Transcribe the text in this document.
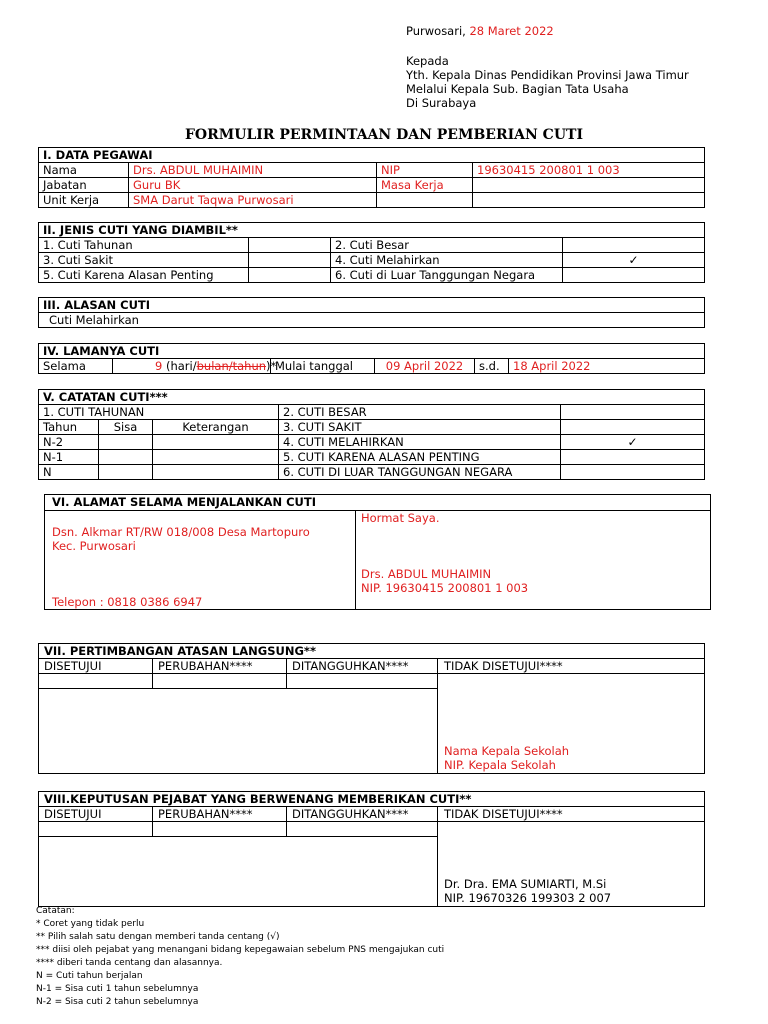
Purwosari, 28 Maret 2022
Kepada
Yth. Kepala Dinas Pendidikan Provinsi Jawa Timur
Melalui Kepala Sub. Bagian Tata Usaha
Di Surabaya
FORMULIR PERMINTAAN DAN PEMBERIAN CUTI
I. DATA PEGAWAI			
Nama	Drs. ABDUL MUHAIMIN	NIP	19630415 200801 1 003
Jabatan	Guru BK	Masa Kerja	
Unit Kerja	SMA Darut Taqwa Purwosari		
II. JENIS CUTI YANG DIAMBIL**			
1. Cuti Tahunan		2. Cuti Besar	
3. Cuti Sakit		4. Cuti Melahirkan	✓
5. Cuti Karena Alasan Penting		6. Cuti di Luar Tanggungan Negara	
III. ALASAN CUTI
Cuti Melahirkan
IV. LAMANYA CUTI
Selama	9 (hari/bulan/tahun)*	Mulai tanggal	09 April 2022	s.d.	18 April 2022
V. CATATAN CUTI***				
1. CUTI TAHUNAN			2. CUTI BESAR	
Tahun	Sisa	Keterangan	3. CUTI SAKIT	
N-2			4. CUTI MELAHIRKAN	✓
N-1			5. CUTI KARENA ALASAN PENTING	
N			6. CUTI DI LUAR TANGGUNGAN NEGARA	
VI. ALAMAT SELAMA MENJALANKAN CUTI
Dsn. Alkmar RT/RW 018/008 Desa Martopuro
Kec. Purwosari
Telepon : 0818 0386 6947
Hormat Saya.
Drs. ABDUL MUHAIMIN
NIP. 19630415 200801 1 003
VII. PERTIMBANGAN ATASAN LANGSUNG**
DISETUJUI	PERUBAHAN****	DITANGGUHKAN****	TIDAK DISETUJUI****
Nama Kepala Sekolah
NIP. Kepala Sekolah
VIII.KEPUTUSAN PEJABAT YANG BERWENANG MEMBERIKAN CUTI**
DISETUJUI	PERUBAHAN****	DITANGGUHKAN****	TIDAK DISETUJUI****
Dr. Dra. EMA SUMIARTI, M.Si
NIP. 19670326 199303 2 007
Catatan:
* Coret yang tidak perlu
** Pilih salah satu dengan memberi tanda centang (√)
*** diisi oleh pejabat yang menangani bidang kepegawaian sebelum PNS mengajukan cuti
**** diberi tanda centang dan alasannya.
N = Cuti tahun berjalan
N-1 = Sisa cuti 1 tahun sebelumnya
N-2 = Sisa cuti 2 tahun sebelumnya
